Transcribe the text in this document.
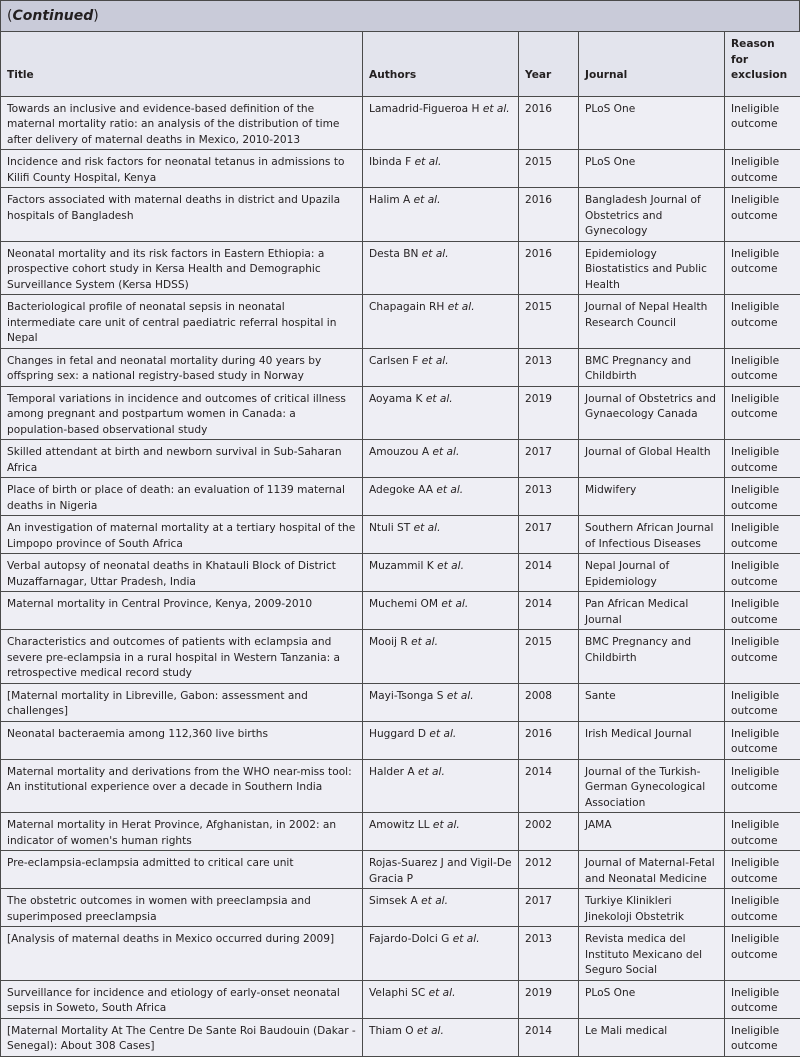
(Continued)
Title	Authors	Year	Journal	Reason for exclusion
Towards an inclusive and evidence-based definition of the maternal mortality ratio: an analysis of the distribution of time after delivery of maternal deaths in Mexico, 2010-2013	Lamadrid-Figueroa H et al.	2016	PLoS One	Ineligible outcome
Incidence and risk factors for neonatal tetanus in admissions to Kilifi County Hospital, Kenya	Ibinda F et al.	2015	PLoS One	Ineligible outcome
Factors associated with maternal deaths in district and Upazila hospitals of Bangladesh	Halim A et al.	2016	Bangladesh Journal of Obstetrics and Gynecology	Ineligible outcome
Neonatal mortality and its risk factors in Eastern Ethiopia: a prospective cohort study in Kersa Health and Demographic Surveillance System (Kersa HDSS)	Desta BN et al.	2016	Epidemiology Biostatistics and Public Health	Ineligible outcome
Bacteriological profile of neonatal sepsis in neonatal intermediate care unit of central paediatric referral hospital in Nepal	Chapagain RH et al.	2015	Journal of Nepal Health Research Council	Ineligible outcome
Changes in fetal and neonatal mortality during 40 years by offspring sex: a national registry-based study in Norway	Carlsen F et al.	2013	BMC Pregnancy and Childbirth	Ineligible outcome
Temporal variations in incidence and outcomes of critical illness among pregnant and postpartum women in Canada: a population-based observational study	Aoyama K et al.	2019	Journal of Obstetrics and Gynaecology Canada	Ineligible outcome
Skilled attendant at birth and newborn survival in Sub-Saharan Africa	Amouzou A et al.	2017	Journal of Global Health	Ineligible outcome
Place of birth or place of death: an evaluation of 1139 maternal deaths in Nigeria	Adegoke AA et al.	2013	Midwifery	Ineligible outcome
An investigation of maternal mortality at a tertiary hospital of the Limpopo province of South Africa	Ntuli ST et al.	2017	Southern African Journal of Infectious Diseases	Ineligible outcome
Verbal autopsy of neonatal deaths in Khatauli Block of District Muzaffarnagar, Uttar Pradesh, India	Muzammil K et al.	2014	Nepal Journal of Epidemiology	Ineligible outcome
Maternal mortality in Central Province, Kenya, 2009-2010	Muchemi OM et al.	2014	Pan African Medical Journal	Ineligible outcome
Characteristics and outcomes of patients with eclampsia and severe pre-eclampsia in a rural hospital in Western Tanzania: a retrospective medical record study	Mooij R et al.	2015	BMC Pregnancy and Childbirth	Ineligible outcome
[Maternal mortality in Libreville, Gabon: assessment and challenges]	Mayi-Tsonga S et al.	2008	Sante	Ineligible outcome
Neonatal bacteraemia among 112,360 live births	Huggard D et al.	2016	Irish Medical Journal	Ineligible outcome
Maternal mortality and derivations from the WHO near-miss tool: An institutional experience over a decade in Southern India	Halder A et al.	2014	Journal of the Turkish-German Gynecological Association	Ineligible outcome
Maternal mortality in Herat Province, Afghanistan, in 2002: an indicator of women's human rights	Amowitz LL et al.	2002	JAMA	Ineligible outcome
Pre-eclampsia-eclampsia admitted to critical care unit	Rojas-Suarez J and Vigil-De Gracia P	2012	Journal of Maternal-Fetal and Neonatal Medicine	Ineligible outcome
The obstetric outcomes in women with preeclampsia and superimposed preeclampsia	Simsek A et al.	2017	Turkiye Klinikleri Jinekoloji Obstetrik	Ineligible outcome
[Analysis of maternal deaths in Mexico occurred during 2009]	Fajardo-Dolci G et al.	2013	Revista medica del Instituto Mexicano del Seguro Social	Ineligible outcome
Surveillance for incidence and etiology of early-onset neonatal sepsis in Soweto, South Africa	Velaphi SC et al.	2019	PLoS One	Ineligible outcome
[Maternal Mortality At The Centre De Sante Roi Baudouin (Dakar - Senegal): About 308 Cases]	Thiam O et al.	2014	Le Mali medical	Ineligible outcome
